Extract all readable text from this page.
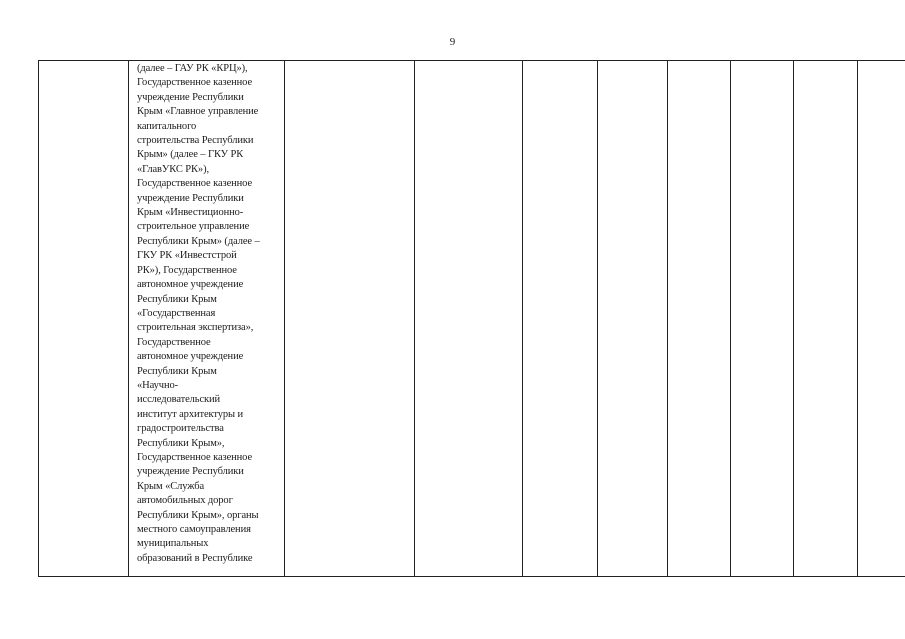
9

(далее – ГАУ РК «КРЦ»),
Государственное казенное
учреждение Республики
Крым «Главное управление
капитального
строительства Республики
Крым» (далее – ГКУ РК
«ГлавУКС РК»),
Государственное казенное
учреждение Республики
Крым «Инвестиционно-
строительное управление
Республики Крым» (далее –
ГКУ РК «Инвестстрой
РК»), Государственное
автономное учреждение
Республики Крым
«Государственная
строительная экспертиза»,
Государственное
автономное учреждение
Республики Крым
«Научно-
исследовательский
институт архитектуры и
градостроительства
Республики Крым»,
Государственное казенное
учреждение Республики
Крым «Служба
автомобильных дорог
Республики Крым», органы
местного самоуправления
муниципальных
образований в Республике
